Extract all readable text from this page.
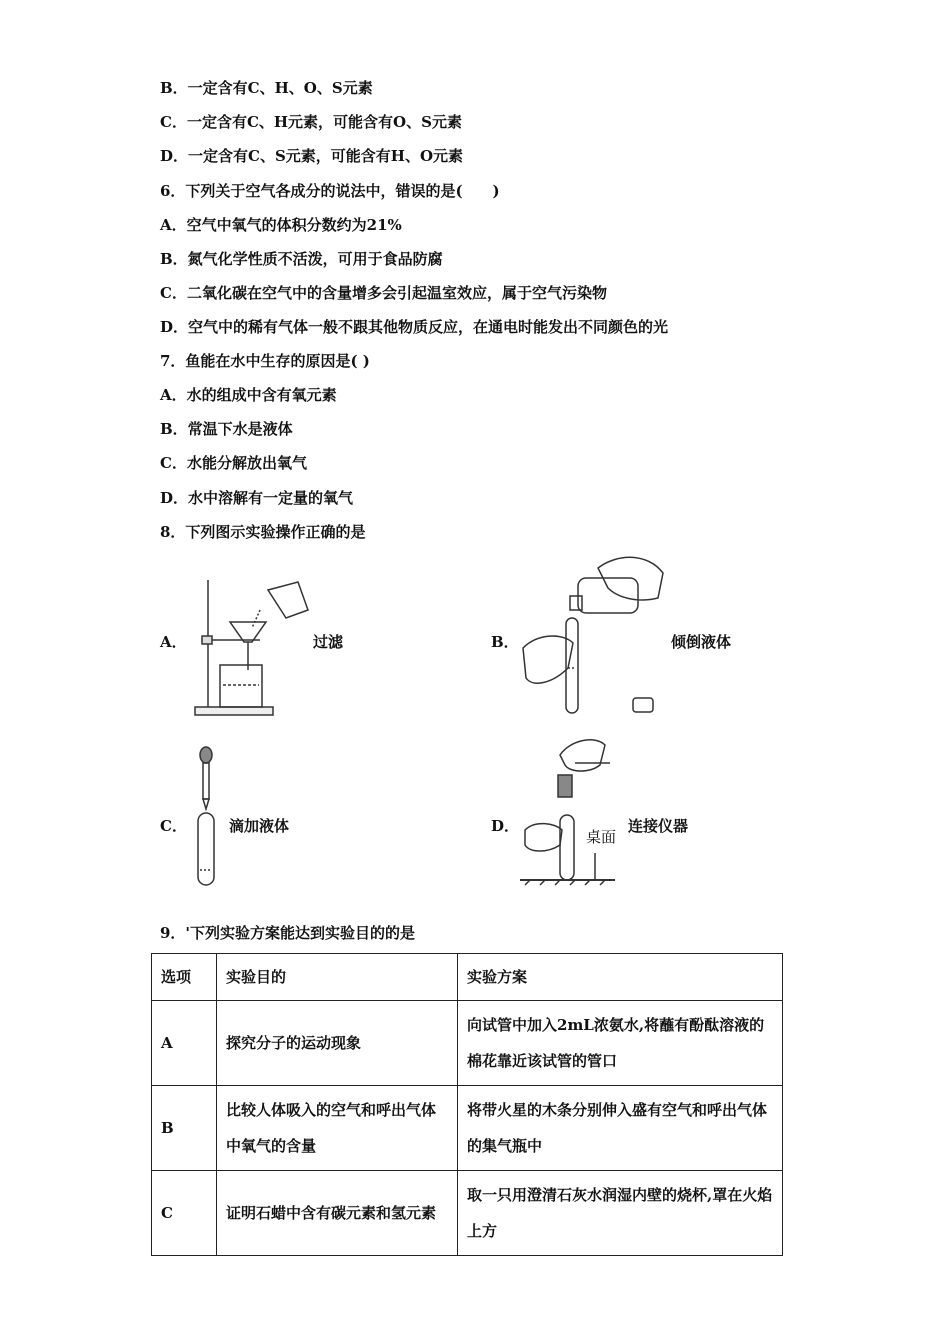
B．一定含有C、H、O、S元素
C．一定含有C、H元素，可能含有O、S元素
D．一定含有C、S元素，可能含有H、O元素
6．下列关于空气各成分的说法中，错误的是(　　)
A．空气中氧气的体积分数约为21%
B．氮气化学性质不活泼，可用于食品防腐
C．二氧化碳在空气中的含量增多会引起温室效应，属于空气污染物
D．空气中的稀有气体一般不跟其他物质反应，在通电时能发出不同颜色的光
7．鱼能在水中生存的原因是( )
A．水的组成中含有氧元素
B．常温下水是液体
C．水能分解放出氧气
D．水中溶解有一定量的氧气
8．下列图示实验操作正确的是
A．	过滤	B．	倾倒液体
C．	滴加液体	D．	连接仪器
桌面
9．'下列实验方案能达到实验目的的是
选项	实验目的	实验方案
A	探究分子的运动现象	向试管中加入2mL浓氨水,将蘸有酚酞溶液的棉花靠近该试管的管口
B	比较人体吸入的空气和呼出气体中氧气的含量	将带火星的木条分别伸入盛有空气和呼出气体的集气瓶中
C	证明石蜡中含有碳元素和氢元素	取一只用澄清石灰水润湿内壁的烧杯,罩在火焰上方
